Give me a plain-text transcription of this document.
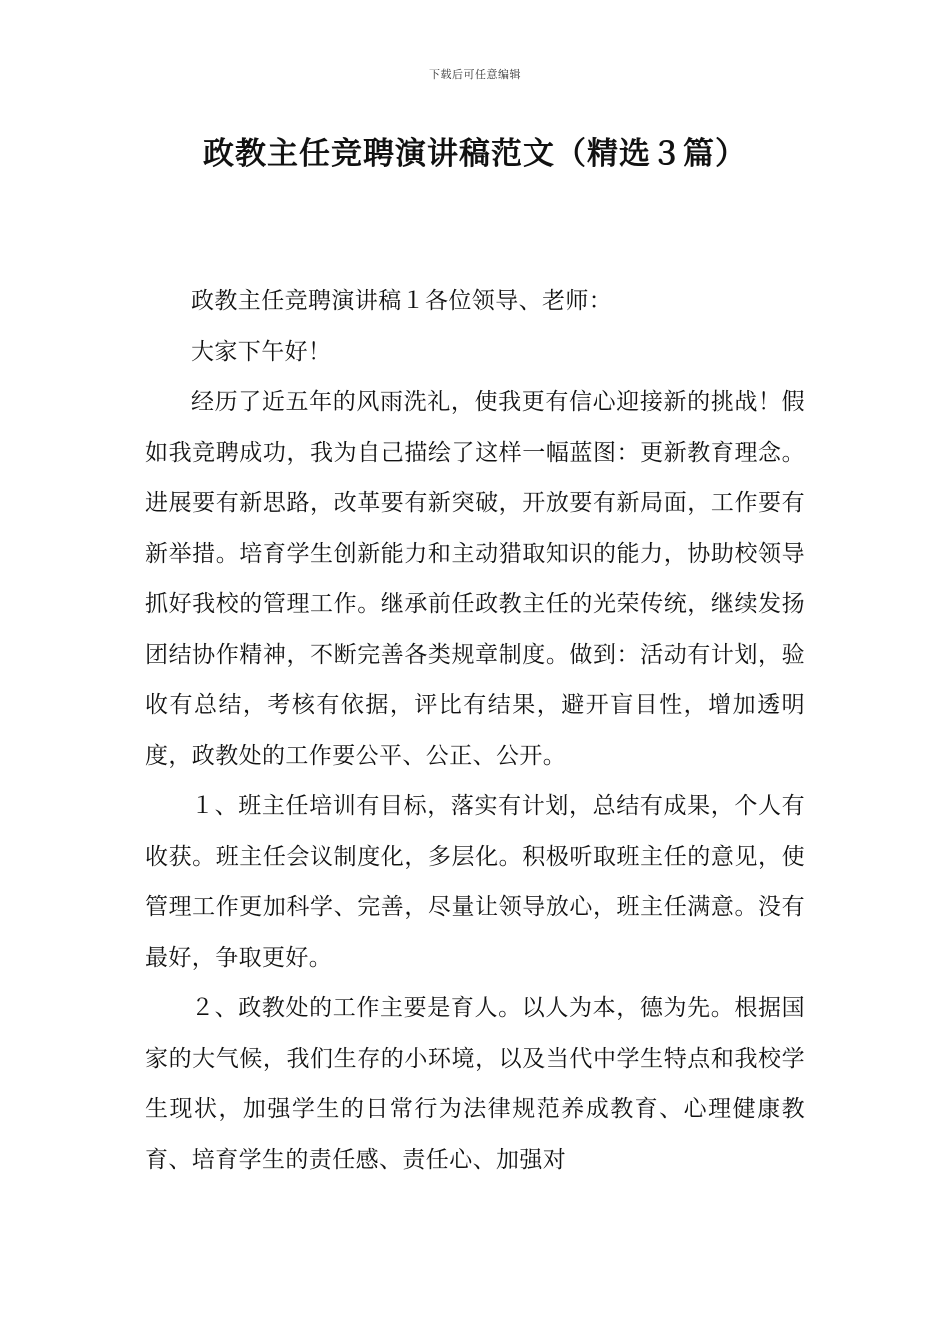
下载后可任意编辑
政教主任竞聘演讲稿范文（精选３篇）

政教主任竞聘演讲稿１各位领导、老师：

大家下午好！

经历了近五年的风雨洗礼，使我更有信心迎接新的挑战！假如我竞聘成功，我为自己描绘了这样一幅蓝图：更新教育理念。进展要有新思路，改革要有新突破，开放要有新局面，工作要有新举措。培育学生创新能力和主动猎取知识的能力，协助校领导抓好我校的管理工作。继承前任政教主任的光荣传统，继续发扬团结协作精神，不断完善各类规章制度。做到：活动有计划，验收有总结，考核有依据，评比有结果，避开盲目性，增加透明度，政教处的工作要公平、公正、公开。

１、班主任培训有目标，落实有计划，总结有成果，个人有收获。班主任会议制度化，多层化。积极听取班主任的意见，使管理工作更加科学、完善，尽量让领导放心，班主任满意。没有最好，争取更好。

２、政教处的工作主要是育人。以人为本，德为先。根据国家的大气候，我们生存的小环境，以及当代中学生特点和我校学生现状，加强学生的日常行为法律规范养成教育、心理健康教育、培育学生的责任感、责任心、加强对
